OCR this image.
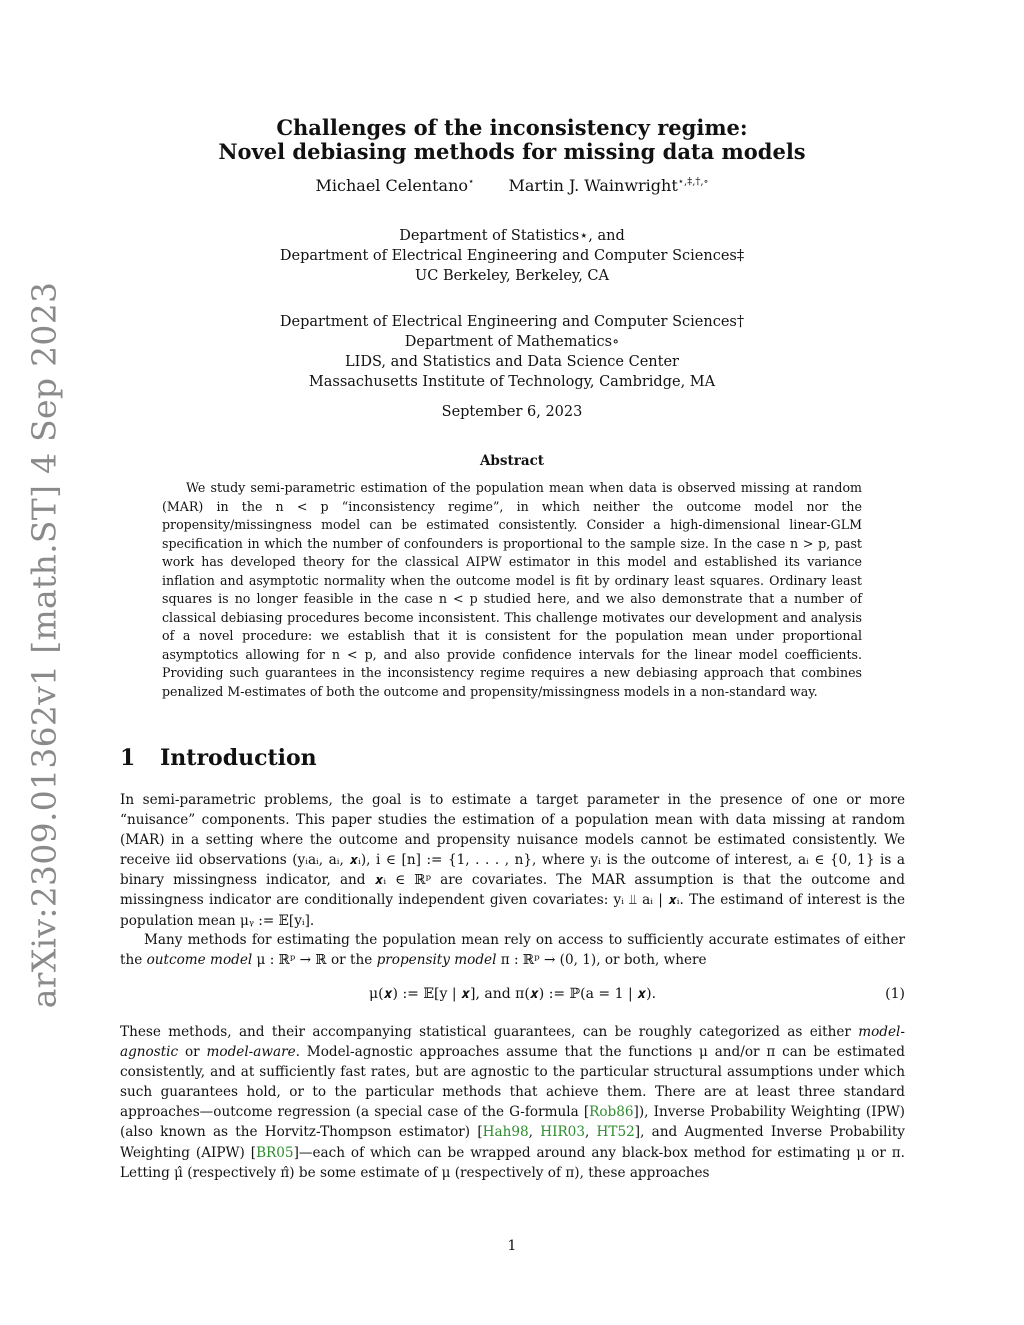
arXiv:2309.01362v1 [math.ST] 4 Sep 2023
Challenges of the inconsistency regime:
Novel debiasing methods for missing data models
Michael Celentano⋆ Martin J. Wainwright⋆,‡,†,∘
Department of Statistics⋆, and
Department of Electrical Engineering and Computer Sciences‡
UC Berkeley, Berkeley, CA
Department of Electrical Engineering and Computer Sciences†
Department of Mathematics∘
LIDS, and Statistics and Data Science Center
Massachusetts Institute of Technology, Cambridge, MA
September 6, 2023
Abstract
We study semi-parametric estimation of the population mean when data is observed missing at random (MAR) in the n < p “inconsistency regime”, in which neither the outcome model nor the propensity/missingness model can be estimated consistently. Consider a high-dimensional linear-GLM specification in which the number of confounders is proportional to the sample size. In the case n > p, past work has developed theory for the classical AIPW estimator in this model and established its variance inflation and asymptotic normality when the outcome model is fit by ordinary least squares. Ordinary least squares is no longer feasible in the case n < p studied here, and we also demonstrate that a number of classical debiasing procedures become inconsistent. This challenge motivates our development and analysis of a novel procedure: we establish that it is consistent for the population mean under proportional asymptotics allowing for n < p, and also provide confidence intervals for the linear model coefficients. Providing such guarantees in the inconsistency regime requires a new debiasing approach that combines penalized M-estimates of both the outcome and propensity/missingness models in a non-standard way.
1 Introduction

In semi-parametric problems, the goal is to estimate a target parameter in the presence of one or more “nuisance” components. This paper studies the estimation of a population mean with data missing at random (MAR) in a setting where the outcome and propensity nuisance models cannot be estimated consistently. We receive iid observations (yᵢaᵢ, aᵢ, 𝒙ᵢ), i ∈ [n] := {1, . . . , n}, where yᵢ is the outcome of interest, aᵢ ∈ {0, 1} is a binary missingness indicator, and 𝒙ᵢ ∈ ℝᵖ are covariates. The MAR assumption is that the outcome and missingness indicator are conditionally independent given covariates: yᵢ ⫫ aᵢ | 𝒙ᵢ. The estimand of interest is the population mean μᵧ := 𝔼[yᵢ].

Many methods for estimating the population mean rely on access to sufficiently accurate estimates of either the outcome model μ : ℝᵖ → ℝ or the propensity model π : ℝᵖ → (0, 1), or both, where

μ(𝒙) := 𝔼[y | 𝒙], and π(𝒙) := ℙ(a = 1 | 𝒙).	(1)

These methods, and their accompanying statistical guarantees, can be roughly categorized as either model-agnostic or model-aware. Model-agnostic approaches assume that the functions μ and/or π can be estimated consistently, and at sufficiently fast rates, but are agnostic to the particular structural assumptions under which such guarantees hold, or to the particular methods that achieve them. There are at least three standard approaches—outcome regression (a special case of the G-formula [Rob86]), Inverse Probability Weighting (IPW) (also known as the Horvitz-Thompson estimator) [Hah98, HIR03, HT52], and Augmented Inverse Probability Weighting (AIPW) [BR05]—each of which can be wrapped around any black-box method for estimating μ or π. Letting μ̂ (respectively π̂) be some estimate of μ (respectively of π), these approaches

1
